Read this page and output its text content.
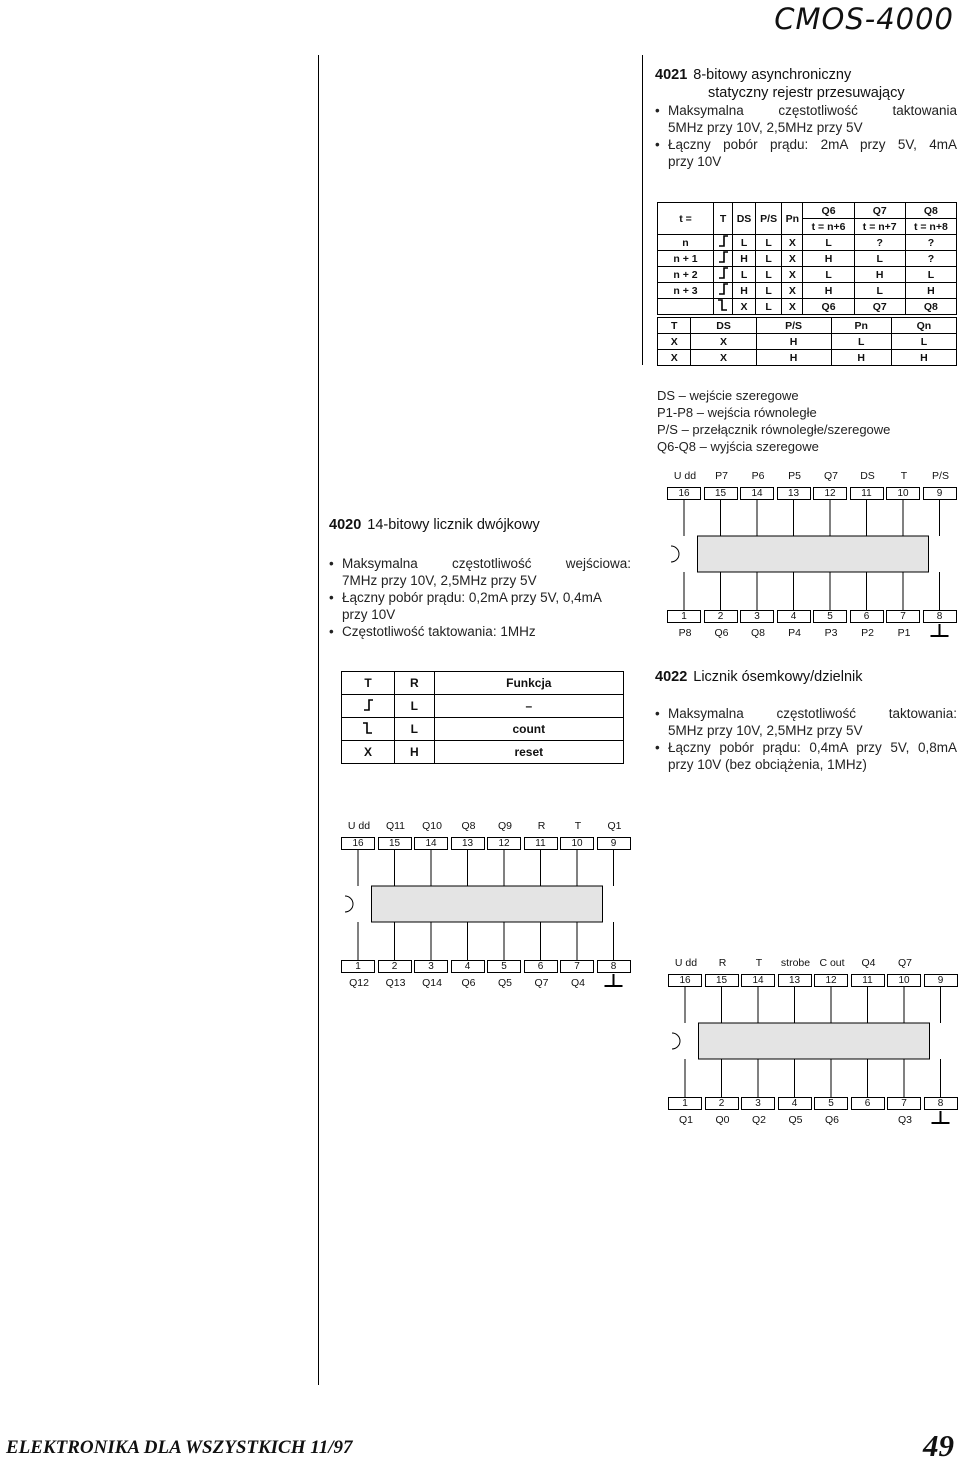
CMOS-4000
4021 8-bitowy asynchroniczny
statyczny rejestr przesuwający
• Maksymalna częstotliwość taktowania
5MHz przy 10V, 2,5MHz przy 5V
• Łączny pobór prądu: 2mA przy 5V, 4mA
przy 10V
t =	T	DS	P/S	Pn	Q6	Q7	Q8
					t = n+6	t = n+7	t = n+8
n		L	L	X	L	?	?
n + 1		H	L	X	H	L	?
n + 2		L	L	X	L	H	L
n + 3		H	L	X	H	L	H
		X	L	X	Q6	Q7	Q8
T	DS	P/S	Pn	Qn
X	X	H	L	L
X	X	H	H	H
DS – wejście szeregowe
P1-P8 – wejścia równoległe
P/S – przełącznik równoległe/szeregowe
Q6-Q8 – wyjścia szeregowe
4020 14-bitowy licznik dwójkowy
• Maksymalna częstotliwość wejściowa:
7MHz przy 10V, 2,5MHz przy 5V
• Łączny pobór prądu: 0,2mA przy 5V, 0,4mA
przy 10V
• Częstotliwość taktowania: 1MHz
T	R	Funkcja
	L	–
	L	count
X	H	reset
4022 Licznik ósemkowy/dzielnik
• Maksymalna częstotliwość taktowania:
5MHz przy 10V, 2,5MHz przy 5V
• Łączny pobór prądu: 0,4mA przy 5V, 0,8mA
przy 10V (bez obciążenia, 1MHz)
U dd
16
1
P8
P7
15
2
Q6
P6
14
3
Q8
P5
13
4
P4
Q7
12
5
P3
DS
11
6
P2
T
10
7
P1
P/S
9
8
U dd
16
1
Q12
Q11
15
2
Q13
Q10
14
3
Q14
Q8
13
4
Q6
Q9
12
5
Q5
R
11
6
Q7
T
10
7
Q4
Q1
9
8	U dd
16
1
Q1
R
15
2
Q0
T
14
3
Q2
strobe
13
4
Q5
C out
12
5
Q6
Q4
11
6
Q7
10
7
Q3
9
8
ELEKTRONIKA DLA WSZYSTKICH 11/97	49
